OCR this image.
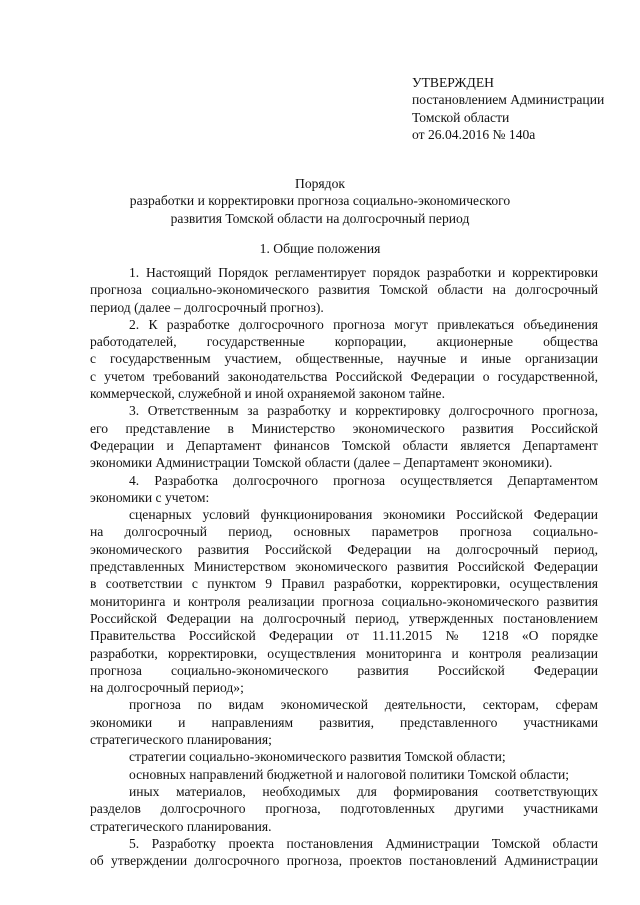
УТВЕРЖДЕН
постановлением Администрации
Томской области
от 26.04.2016 № 140а
Порядок
разработки и корректировки прогноза социально-экономического
развития Томской области на долгосрочный период
1. Общие положения
1. Настоящий Порядок регламентирует порядок разработки и корректировки
прогноза социально-экономического развития Томской области на долгосрочный
период (далее – долгосрочный прогноз).
2. К разработке долгосрочного прогноза могут привлекаться объединения
работодателей, государственные корпорации, акционерные общества
с государственным участием, общественные, научные и иные организации
с учетом требований законодательства Российской Федерации о государственной,
коммерческой, служебной и иной охраняемой законом тайне.
3. Ответственным за разработку и корректировку долгосрочного прогноза,
его представление в Министерство экономического развития Российской
Федерации и Департамент финансов Томской области является Департамент
экономики Администрации Томской области (далее – Департамент экономики).
4. Разработка долгосрочного прогноза осуществляется Департаментом
экономики с учетом:
сценарных условий функционирования экономики Российской Федерации
на долгосрочный период, основных параметров прогноза социально-
экономического развития Российской Федерации на долгосрочный период,
представленных Министерством экономического развития Российской Федерации
в соответствии с пунктом 9 Правил разработки, корректировки, осуществления
мониторинга и контроля реализации прогноза социально-экономического развития
Российской Федерации на долгосрочный период, утвержденных постановлением
Правительства Российской Федерации от 11.11.2015 № 1218 «О порядке
разработки, корректировки, осуществления мониторинга и контроля реализации
прогноза социально-экономического развития Российской Федерации
на долгосрочный период»;
прогноза по видам экономической деятельности, секторам, сферам
экономики и направлениям развития, представленного участниками
стратегического планирования;
стратегии социально-экономического развития Томской области;
основных направлений бюджетной и налоговой политики Томской области;
иных материалов, необходимых для формирования соответствующих
разделов долгосрочного прогноза, подготовленных другими участниками
стратегического планирования.
5. Разработку проекта постановления Администрации Томской области
об утверждении долгосрочного прогноза, проектов постановлений Администрации
